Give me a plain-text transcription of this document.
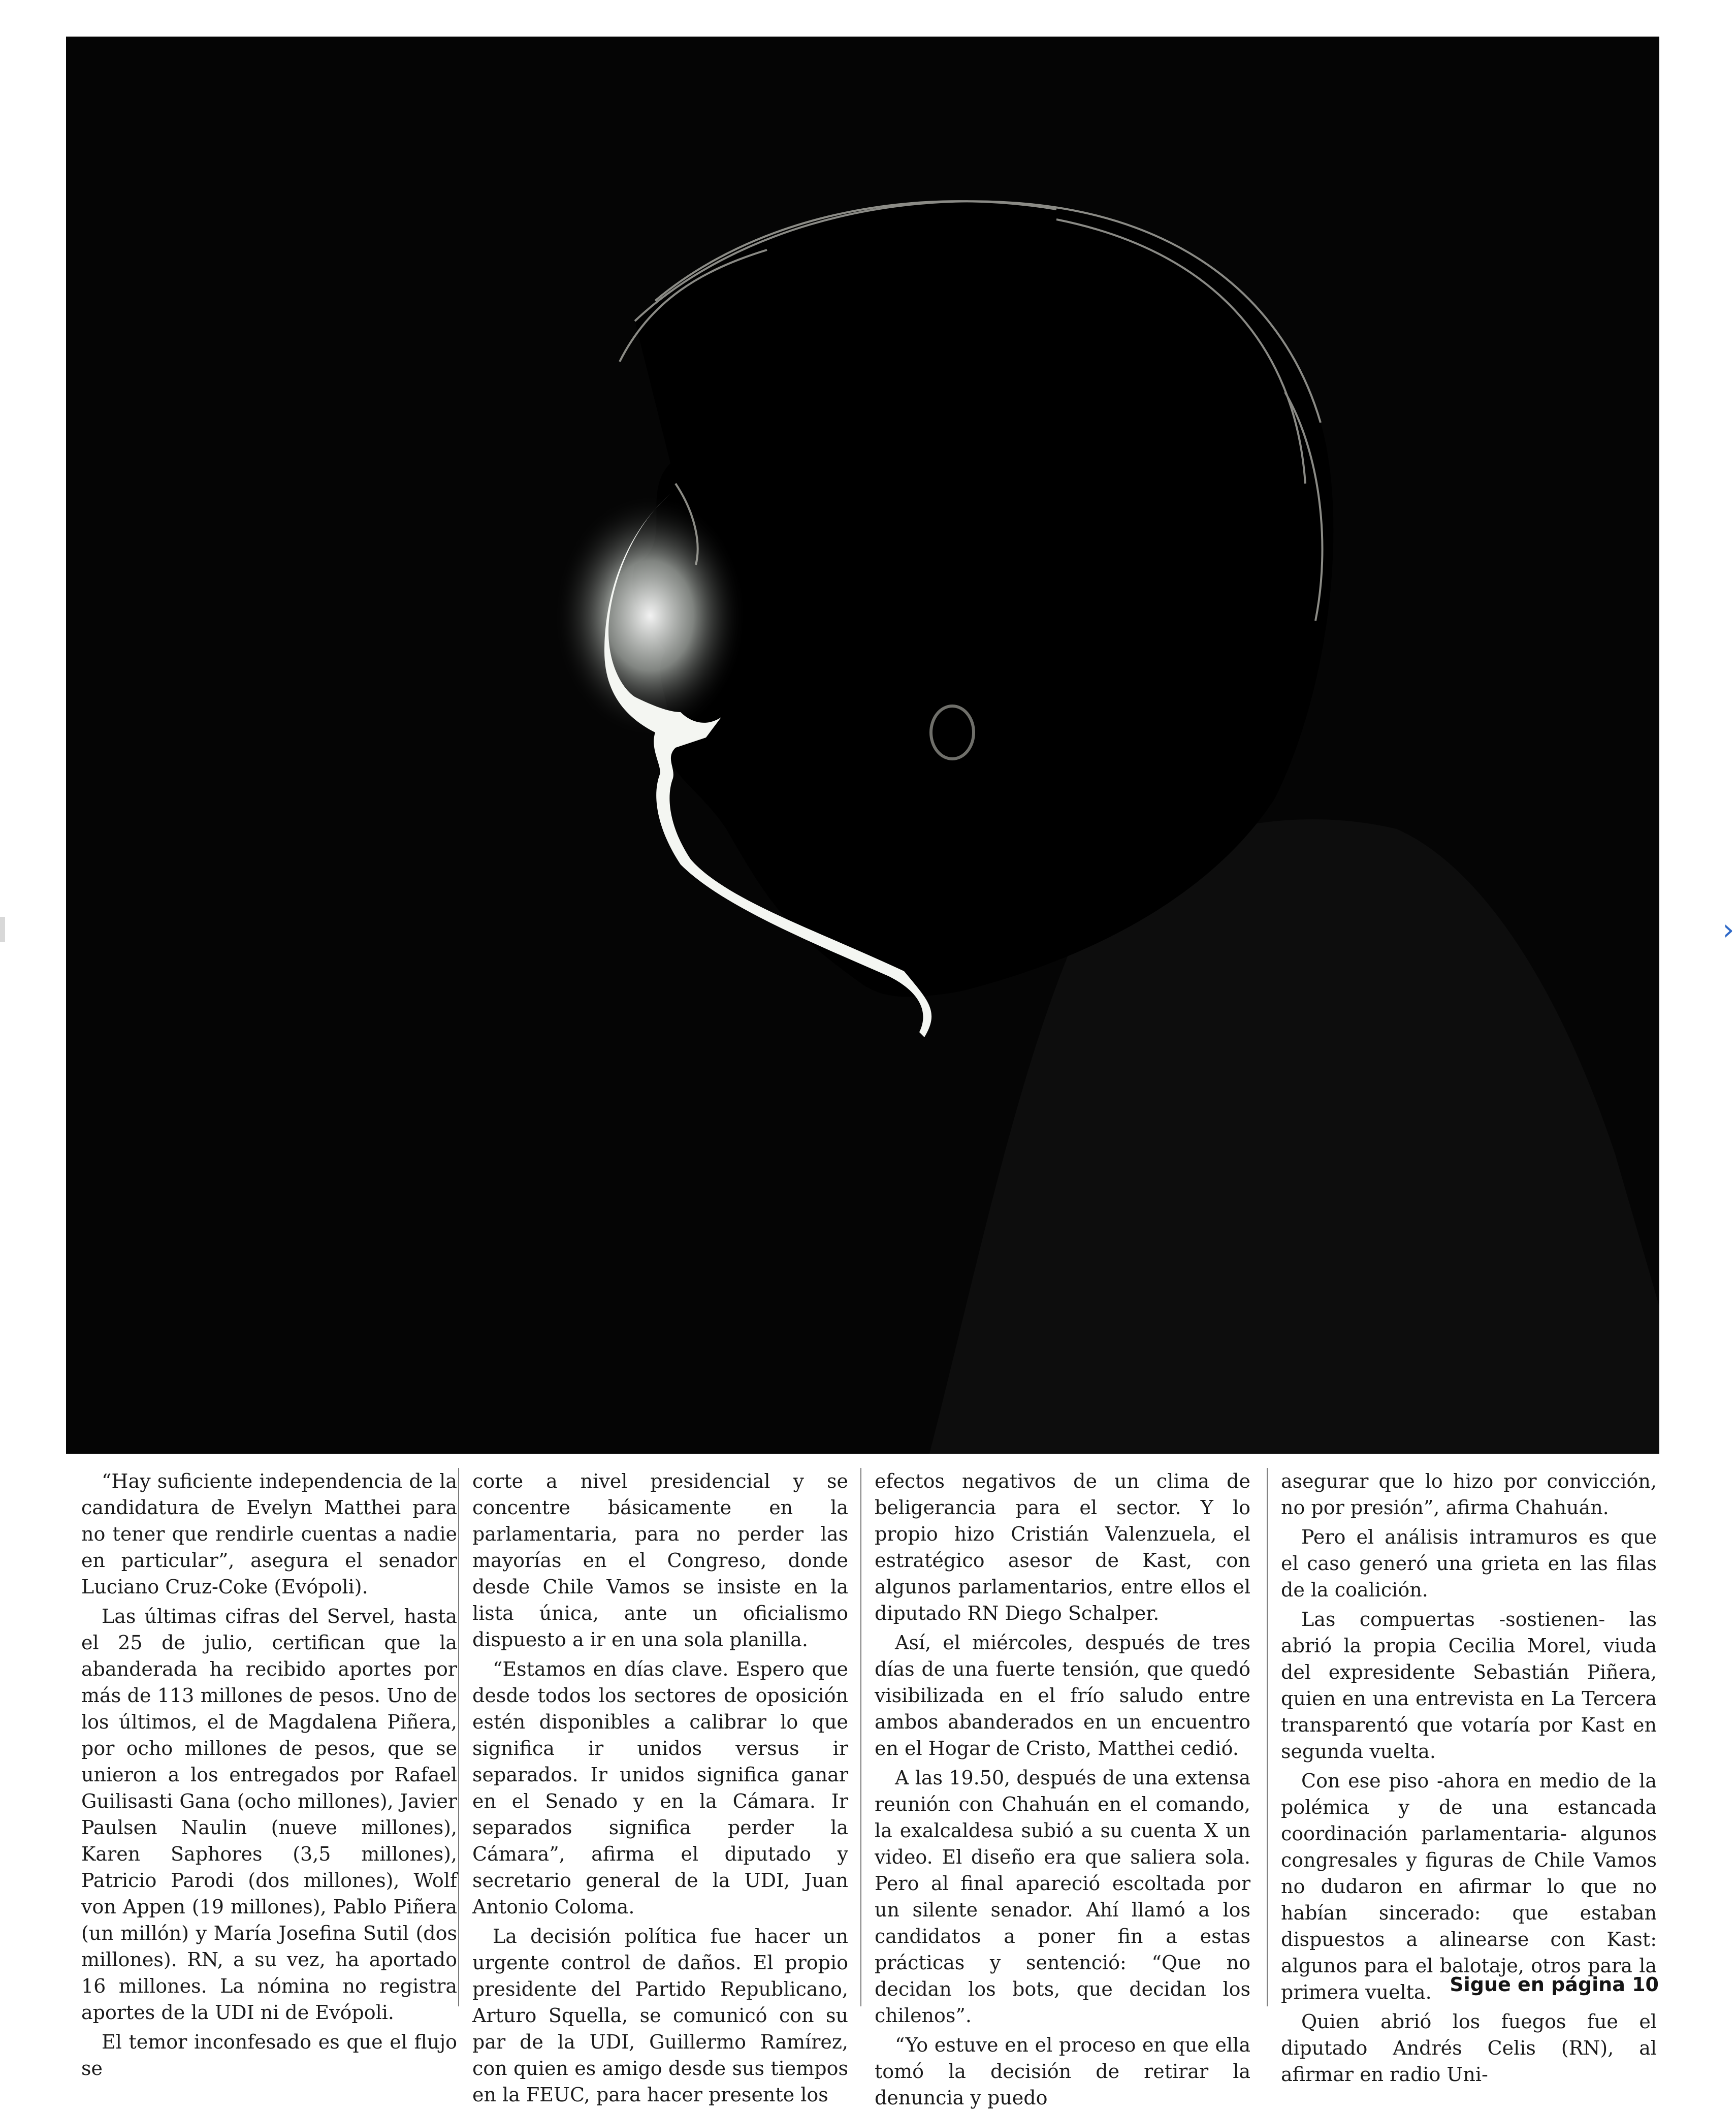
›

“Hay suficiente independencia de la candidatura de Evelyn Matthei para no tener que rendirle cuentas a nadie en particular”, asegura el senador Luciano Cruz-Coke (Evópoli).

Las últimas cifras del Servel, hasta el 25 de julio, certifican que la abanderada ha recibido aportes por más de 113 millones de pesos. Uno de los últimos, el de Magdalena Piñera, por ocho millones de pesos, que se unieron a los entregados por Rafael Guilisasti Gana (ocho millones), Javier Paulsen Naulin (nueve millones), Karen Saphores (3,5 millones), Patricio Parodi (dos millones), Wolf von Appen (19 millones), Pablo Piñera (un millón) y María Josefina Sutil (dos millones). RN, a su vez, ha aportado 16 millones. La nómina no registra aportes de la UDI ni de Evópoli.

El temor inconfesado es que el flujo se

corte a nivel presidencial y se concentre básicamente en la parlamentaria, para no perder las mayorías en el Congreso, donde desde Chile Vamos se insiste en la lista única, ante un oficialismo dispuesto a ir en una sola planilla.

“Estamos en días clave. Espero que desde todos los sectores de oposición estén disponibles a calibrar lo que significa ir unidos versus ir separados. Ir unidos significa ganar en el Senado y en la Cámara. Ir separados significa perder la Cámara”, afirma el diputado y secretario general de la UDI, Juan Antonio Coloma.

La decisión política fue hacer un urgente control de daños. El propio presidente del Partido Republicano, Arturo Squella, se comunicó con su par de la UDI, Guillermo Ramírez, con quien es amigo desde sus tiempos en la FEUC, para hacer presente los

efectos negativos de un clima de beligerancia para el sector. Y lo propio hizo Cristián Valenzuela, el estratégico asesor de Kast, con algunos parlamentarios, entre ellos el diputado RN Diego Schalper.

Así, el miércoles, después de tres días de una fuerte tensión, que quedó visibilizada en el frío saludo entre ambos abanderados en un encuentro en el Hogar de Cristo, Matthei cedió.

A las 19.50, después de una extensa reunión con Chahuán en el comando, la exalcaldesa subió a su cuenta X un video. El diseño era que saliera sola. Pero al final apareció escoltada por un silente senador. Ahí llamó a los candidatos a poner fin a estas prácticas y sentenció: “Que no decidan los bots, que decidan los chilenos”.

“Yo estuve en el proceso en que ella tomó la decisión de retirar la denuncia y puedo

asegurar que lo hizo por convicción, no por presión”, afirma Chahuán.

Pero el análisis intramuros es que el caso generó una grieta en las filas de la coalición.

Las compuertas -sostienen- las abrió la propia Cecilia Morel, viuda del expresidente Sebastián Piñera, quien en una entrevista en La Tercera transparentó que votaría por Kast en segunda vuelta.

Con ese piso -ahora en medio de la polémica y de una estancada coordinación parlamentaria- algunos congresales y figuras de Chile Vamos no dudaron en afirmar lo que no habían sincerado: que estaban dispuestos a alinearse con Kast: algunos para el balotaje, otros para la primera vuelta.

Quien abrió los fuegos fue el diputado Andrés Celis (RN), al afirmar en radio Uni-

Sigue en página 10
